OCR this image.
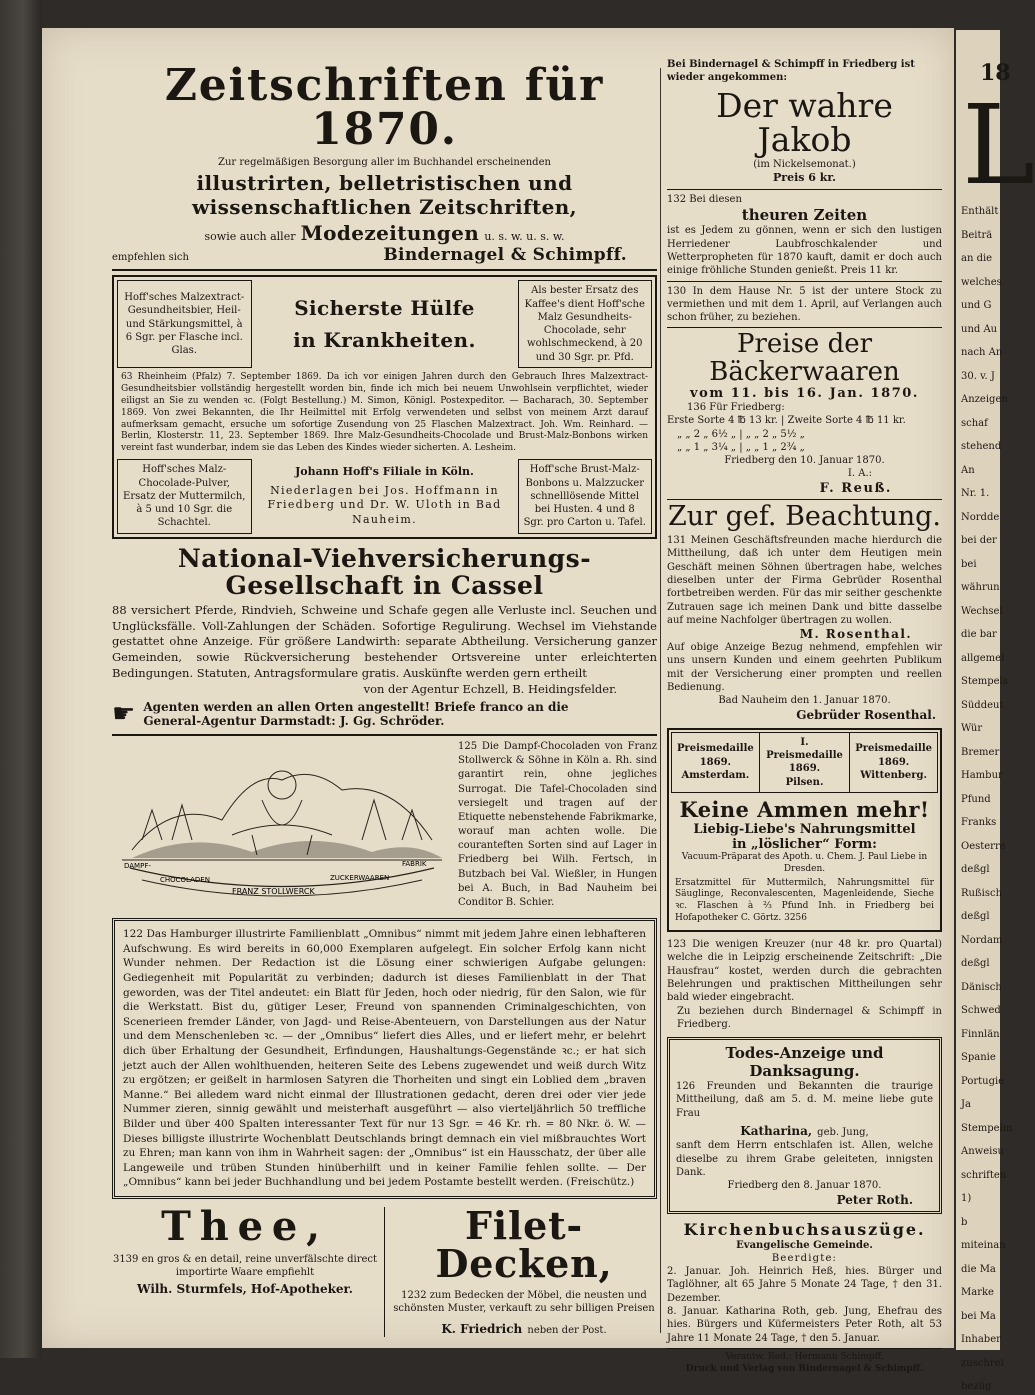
Zeitschriften für 1870.
Zur regelmäßigen Besorgung aller im Buchhandel erscheinenden
illustrirten, belletristischen und wissenschaftlichen Zeitschriften,
sowie auch aller Modezeitungen u. s. w. u. s. w.
empfehlen sich	Bindernagel & Schimpff.
Hoff'sches Malzextract-Gesundheitsbier, Heil- und Stärkungsmittel, à 6 Sgr. per Flasche incl. Glas.	
Sicherste Hülfe
in Krankheiten.
	Als bester Ersatz des Kaffee's dient Hoff'sche Malz Gesundheits-Chocolade, sehr wohlschmeckend, à 20 und 30 Sgr. pr. Pfd.
63 Rheinheim (Pfalz) 7. September 1869. Da ich vor einigen Jahren durch den Gebrauch Ihres Malzextract-Gesundheitsbier vollständig hergestellt worden bin, finde ich mich bei neuem Unwohlsein verpflichtet, wieder eiligst an Sie zu wenden ꝛc. (Folgt Bestellung.) M. Simon, Königl. Postexpeditor. — Bacharach, 30. September 1869. Von zwei Bekannten, die Ihr Heilmittel mit Erfolg verwendeten und selbst von meinem Arzt darauf aufmerksam gemacht, ersuche um sofortige Zusendung von 25 Flaschen Malzextract. Joh. Wm. Reinhard. — Berlin, Klosterstr. 11, 23. September 1869. Ihre Malz-Gesundheits-Chocolade und Brust-Malz-Bonbons wirken vereint fast wunderbar, indem sie das Leben des Kindes wieder sicherten. A. Lesheim.
Hoff'sches Malz-Chocolade-Pulver, Ersatz der Muttermilch, à 5 und 10 Sgr. die Schachtel.	
Johann Hoff's Filiale in Köln.
Niederlagen bei Jos. Hoffmann in Friedberg und Dr. W. Uloth in Bad Nauheim.
	Hoff'sche Brust-Malz-Bonbons u. Malzzucker schnelllösende Mittel bei Husten. 4 und 8 Sgr. pro Carton u. Tafel.
National-Viehversicherungs-Gesellschaft in Cassel
88 versichert Pferde, Rindvieh, Schweine und Schafe gegen alle Verluste incl. Seuchen und Unglücksfälle. Voll-Zahlungen der Schäden. Sofortige Regulirung. Wechsel im Viehstande gestattet ohne Anzeige. Für größere Landwirth: separate Abtheilung. Versicherung ganzer Gemeinden, sowie Rückversicherung bestehender Ortsvereine unter erleichterten Bedingungen. Statuten, Antragsformulare gratis. Auskünfte werden gern ertheilt
von der Agentur Echzell, B. Heidingsfelder.
☛ Agenten werden an allen Orten angestellt! Briefe franco an die
General-Agentur Darmstadt: J. Gg. Schröder.
DAMPF-
CHOCOLADEN
FRANZ STOLLWERCK
ZUCKERWAAREN
FABRIK
125 Die Dampf-Chocoladen von Franz Stollwerck & Söhne in Köln a. Rh. sind garantirt rein, ohne jegliches Surrogat. Die Tafel-Chocoladen sind versiegelt und tragen auf der Etiquette nebenstehende Fabrikmarke, worauf man achten wolle. Die couranteften Sorten sind auf Lager in Friedberg bei Wilh. Fertsch, in Butzbach bei Val. Wießler, in Hungen bei A. Buch, in Bad Nauheim bei Conditor B. Schier.
122 Das Hamburger illustrirte Familienblatt „Omnibus“ nimmt mit jedem Jahre einen lebhafteren Aufschwung. Es wird bereits in 60,000 Exemplaren aufgelegt. Ein solcher Erfolg kann nicht Wunder nehmen. Der Redaction ist die Lösung einer schwierigen Aufgabe gelungen: Gediegenheit mit Popularität zu verbinden; dadurch ist dieses Familienblatt in der That geworden, was der Titel andeutet: ein Blatt für Jeden, hoch oder niedrig, für den Salon, wie für die Werkstatt. Bist du, gütiger Leser, Freund von spannenden Criminalgeschichten, von Scenerieen fremder Länder, von Jagd- und Reise-Abenteuern, von Darstellungen aus der Natur und dem Menschenleben ꝛc. — der „Omnibus“ liefert dies Alles, und er liefert mehr, er belehrt dich über Erhaltung der Gesundheit, Erfindungen, Haushaltungs-Gegenstände ꝛc.; er hat sich jetzt auch der Allen wohlthuenden, heiteren Seite des Lebens zugewendet und weiß durch Witz zu ergötzen; er geißelt in harmlosen Satyren die Thorheiten und singt ein Loblied dem „braven Manne.“ Bei alledem ward nicht einmal der Illustrationen gedacht, deren drei oder vier jede Nummer zieren, sinnig gewählt und meisterhaft ausgeführt — also vierteljährlich 50 treffliche Bilder und über 400 Spalten interessanter Text für nur 13 Sgr. = 46 Kr. rh. = 80 Nkr. ö. W. — Dieses billigste illustrirte Wochenblatt Deutschlands bringt demnach ein viel mißbrauchtes Wort zu Ehren; man kann von ihm in Wahrheit sagen: der „Omnibus“ ist ein Hausschatz, der über alle Langeweile und trüben Stunden hinüberhilft und in keiner Familie fehlen sollte. — Der „Omnibus“ kann bei jeder Buchhandlung und bei jedem Postamte bestellt werden. (Freischütz.)
Thee,
3139 en gros & en detail, reine unverfälschte direct importirte Waare empfiehlt
Wilh. Sturmfels, Hof-Apotheker.
Filet-Decken,
1232 zum Bedecken der Möbel, die neusten und schönsten Muster, verkauft zu sehr billigen Preisen
K. Friedrich neben der Post.
Bei Bindernagel & Schimpff in Friedberg ist wieder angekommen:
Der wahre Jakob
(im Nickelsemonat.)
Preis 6 kr.
132 Bei diesen
theuren Zeiten
ist es Jedem zu gönnen, wenn er sich den lustigen Herriedener Laubfroschkalender und Wetterpropheten für 1870 kauft, damit er doch auch einige fröhliche Stunden genießt. Preis 11 kr.
130 In dem Hause Nr. 5 ist der untere Stock zu vermiethen und mit dem 1. April, auf Verlangen auch schon früher, zu beziehen.
Preise der Bäckerwaaren
vom 11. bis 16. Jan. 1870.
136 Für Friedberg:
Erste Sorte 4 ℔ 13 kr. | Zweite Sorte 4 ℔ 11 kr.
„ „ 2 „ 6½ „ | „ „ 2 „ 5½ „
„ „ 1 „ 3¼ „ | „ „ 1 „ 2¾ „
Friedberg den 10. Januar 1870.
I. A.:
F. Reuß.
Zur gef. Beachtung.
131 Meinen Geschäftsfreunden mache hierdurch die Mittheilung, daß ich unter dem Heutigen mein Geschäft meinen Söhnen übertragen habe, welches dieselben unter der Firma Gebrüder Rosenthal fortbetreiben werden. Für das mir seither geschenkte Zutrauen sage ich meinen Dank und bitte dasselbe auf meine Nachfolger übertragen zu wollen.
M. Rosenthal.
Auf obige Anzeige Bezug nehmend, empfehlen wir uns unsern Kunden und einem geehrten Publikum mit der Versicherung einer prompten und reellen Bedienung.
Bad Nauheim den 1. Januar 1870.
Gebrüder Rosenthal.
Preismedaille
1869.
Amsterdam.

I. Preismedaille
1869.
Pilsen.

Preismedaille
1869.
Wittenberg.
Keine Ammen mehr!
Liebig-Liebe's Nahrungsmittel
in „löslicher“ Form:
Vacuum-Präparat des Apoth. u. Chem. J. Paul Liebe in Dresden.
Ersatzmittel für Muttermilch, Nahrungsmittel für Säuglinge, Reconvalescenten, Magenleidende, Sieche ꝛc. Flaschen à ⅔ Pfund Inh. in Friedberg bei Hofapotheker C. Görtz. 3256
123 Die wenigen Kreuzer (nur 48 kr. pro Quartal) welche die in Leipzig erscheinende Zeitschrift: „Die Hausfrau“ kostet, werden durch die gebrachten Belehrungen und praktischen Mittheilungen sehr bald wieder eingebracht.
Zu beziehen durch Bindernagel & Schimpff in Friedberg.
Todes-Anzeige und Danksagung.
126 Freunden und Bekannten die traurige Mittheilung, daß am 5. d. M. meine liebe gute Frau
Katharina, geb. Jung,
sanft dem Herrn entschlafen ist. Allen, welche dieselbe zu ihrem Grabe geleiteten, innigsten Dank.
Friedberg den 8. Januar 1870.
Peter Roth.
Kirchenbuchsauszüge.
Evangelische Gemeinde.
Beerdigte:
2. Januar. Joh. Heinrich Heß, hies. Bürger und Taglöhner, alt 65 Jahre 5 Monate 24 Tage, † den 31. Dezember.
8. Januar. Katharina Roth, geb. Jung, Ehefrau des hies. Bürgers und Küfermeisters Peter Roth, alt 53 Jahre 11 Monate 24 Tage, † den 5. Januar.
Verantw. Red.: Hermann Schimpff.
Druck und Verlag von Bindernagel & Schimpff.
18
L
Enthält
Beiträ
an die
welches
und G
und Au
nach An
30. v. J
Anzeigen
schaf
stehend
An
Nr. 1.
Nordde
bei der
bei
währun
Wechsel
die bar
allgemei
Stempels
Süddeut
Wür
Bremer
Hambur
Pfund
Franks
Oesterre
deßgl
Rußisch
deßgl
Nordam
deßgl
Dänisch
Schwed
Finnlän
Spanie
Portugie
Ja
Stempelm
Anweisu
schriften
1)
b
miteinan
die Ma
Marke
bei Ma
Inhaber
zuschrei
bezüg
